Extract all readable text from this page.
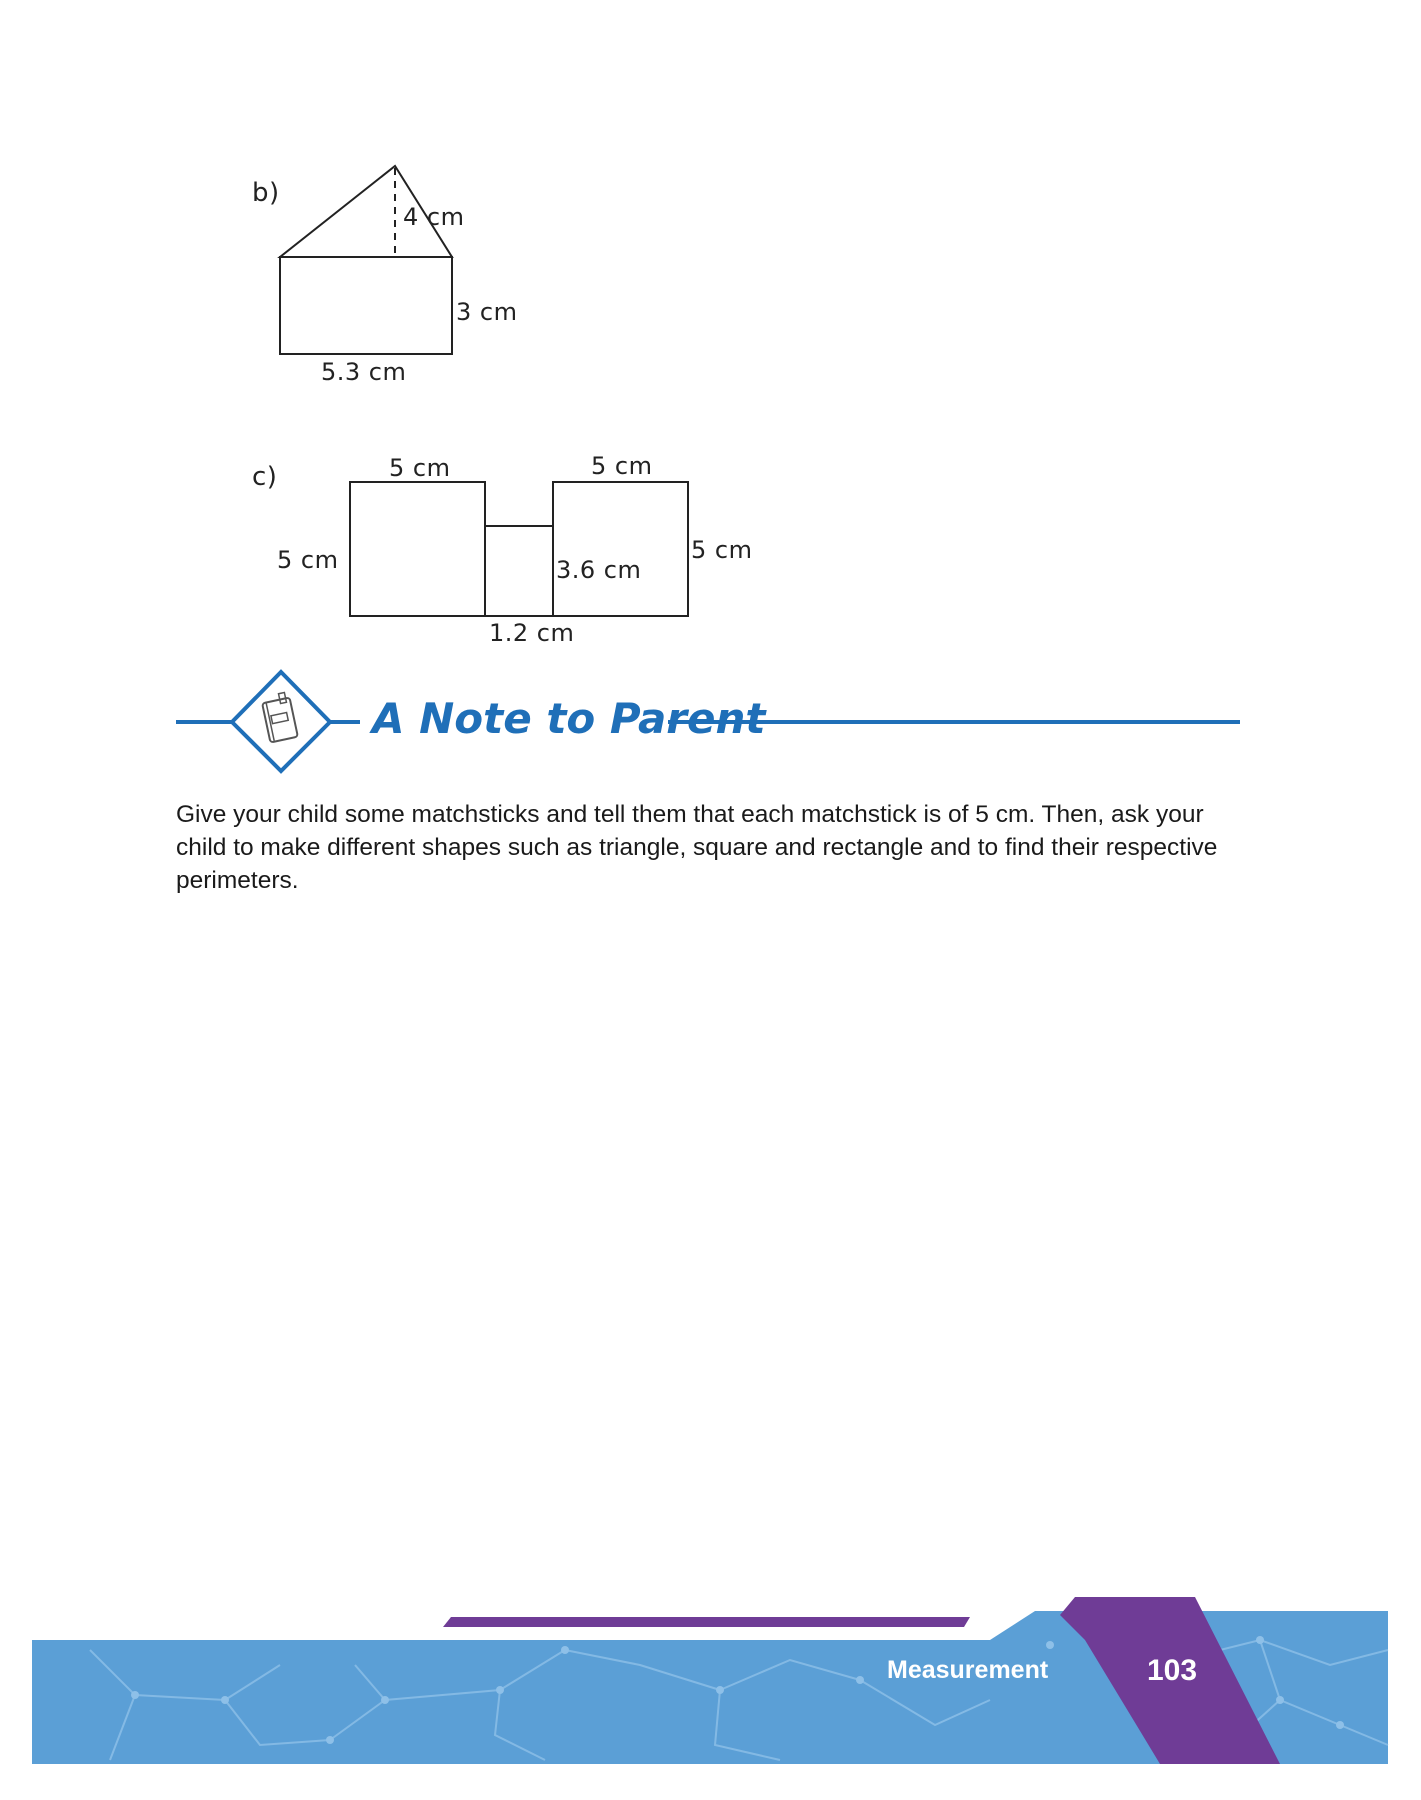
b)
4 cm
3 cm
5.3 cm
c)	5 cm	5 cm
5 cm	5 cm
3.6 cm
1.2 cm
A Note to Parent
Give your child some matchsticks and tell them that each matchstick is of 5 cm. Then, ask your child to make different shapes such as triangle, square and rectangle and to find their respective perimeters.
Measurement	103
